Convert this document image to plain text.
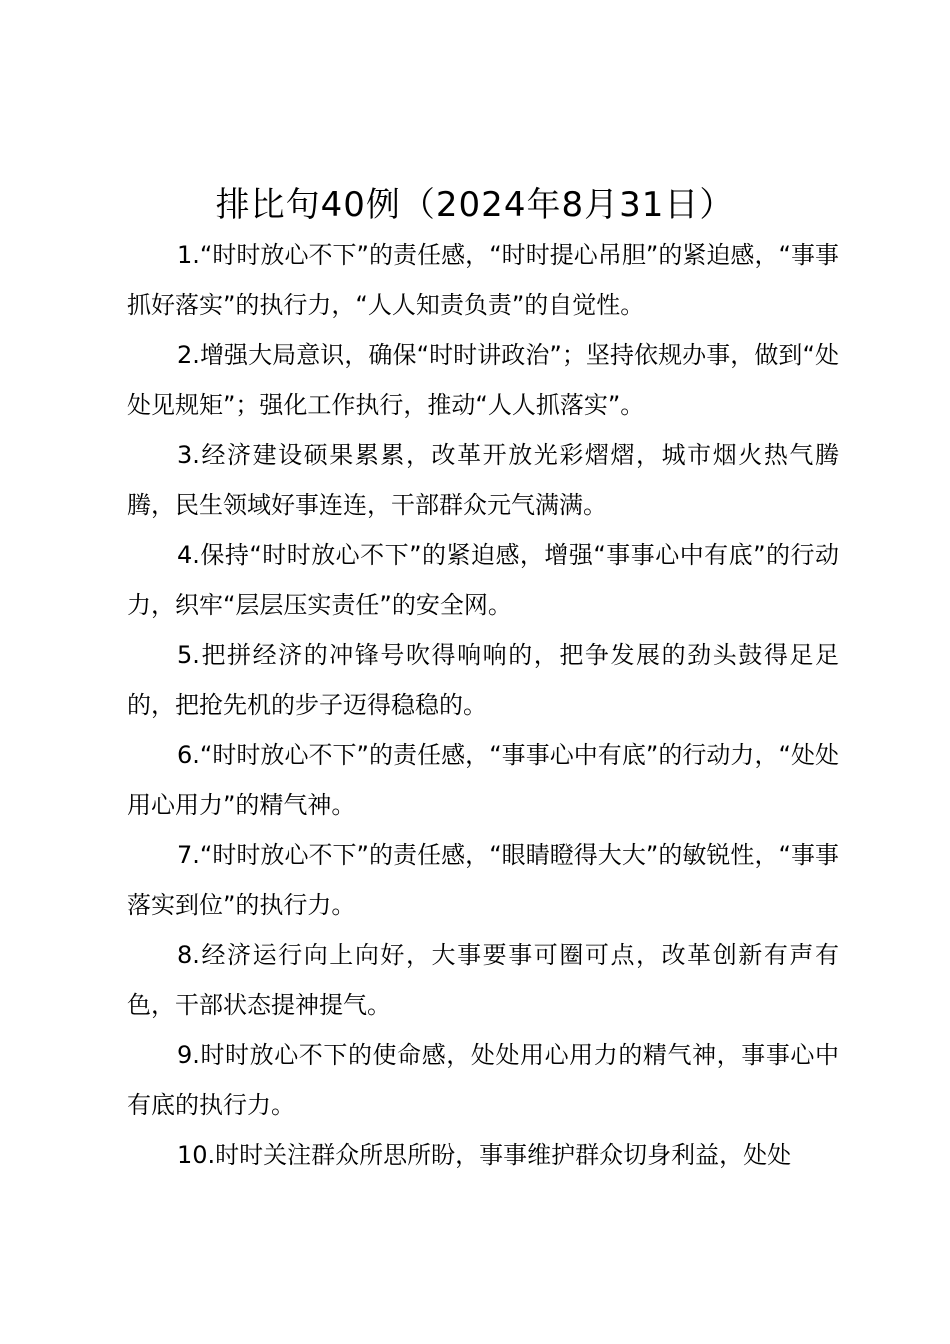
排比句40例（2024年8月31日）

1.“时时放心不下”的责任感，“时时提心吊胆”的紧迫感，“事事抓好落实”的执行力，“人人知责负责”的自觉性。

2.增强大局意识，确保“时时讲政治”；坚持依规办事，做到“处处见规矩”；强化工作执行，推动“人人抓落实”。

3.经济建设硕果累累，改革开放光彩熠熠，城市烟火热气腾腾，民生领域好事连连，干部群众元气满满。

4.保持“时时放心不下”的紧迫感，增强“事事心中有底”的行动力，织牢“层层压实责任”的安全网。

5.把拼经济的冲锋号吹得响响的，把争发展的劲头鼓得足足的，把抢先机的步子迈得稳稳的。

6.“时时放心不下”的责任感，“事事心中有底”的行动力，“处处用心用力”的精气神。

7.“时时放心不下”的责任感，“眼睛瞪得大大”的敏锐性，“事事落实到位”的执行力。

8.经济运行向上向好，大事要事可圈可点，改革创新有声有色，干部状态提神提气。

9.时时放心不下的使命感，处处用心用力的精气神，事事心中有底的执行力。

10.时时关注群众所思所盼，事事维护群众切身利益，处处
